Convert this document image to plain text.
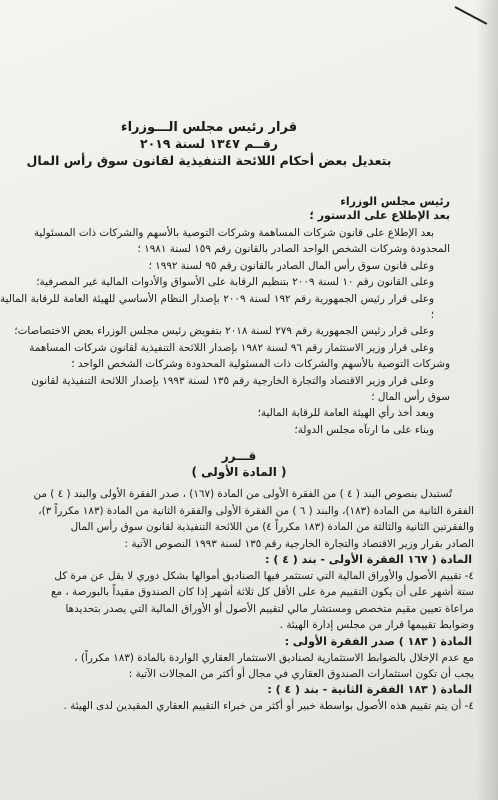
قرار رئيس مجلس الـــوزراء
رقــم ١٣٤٧ لسنة ٢٠١٩
بتعديل بعض أحكام اللائحة التنفيذية لقانون سوق رأس المال

رئيس مجلس الوزراء

بعد الإطلاع على الدستور ؛

بعد الإطلاع على قانون شركات المساهمة وشركات التوصية بالأسهم والشركات ذات المسئولية

المحدودة وشركات الشخص الواحد الصادر بالقانون رقم ١٥٩ لسنة ١٩٨١ ؛

وعلى قانون سوق رأس المال الصادر بالقانون رقم ٩٥ لسنة ١٩٩٢ ؛

وعلى القانون رقم ١٠ لسنة ٢٠٠٩ بتنظيم الرقابة على الأسواق والأدوات المالية غير المصرفية؛

وعلى قرار رئيس الجمهورية رقم ١٩٢ لسنة ٢٠٠٩ بإصدار النظام الأساسي للهيئة العامة للرقابة المالية ؛

وعلى قرار رئيس الجمهورية رقم ٢٧٩ لسنة ٢٠١٨ بتفويض رئيس مجلس الوزراء بعض الاختصاصات؛

وعلى قرار وزير الاستثمار رقم ٩٦ لسنة ١٩٨٢ بإصدار اللائحة التنفيذية لقانون شركات المساهمة

وشركات التوصية بالأسهم والشركات ذات المسئولية المحدودة وشركات الشخص الواحد ؛

وعلى قرار وزير الاقتصاد والتجارة الخارجية رقم ١٣٥ لسنة ١٩٩٣ بإصدار اللائحة التنفيذية لقانون

سوق رأس المال ؛

وبعد أخذ رأي الهيئة العامة للرقابة المالية؛

وبناء على ما ارتآه مجلس الدولة؛

قـــرر

( المادة الأولى )

تُستبدل بنصوص البند ( ٤ ) من الفقرة الأولى من المادة (١٦٧) ، صدر الفقرة الأولى والبند ( ٤ ) من

الفقرة الثانية من المادة (١٨٣)، والبند ( ٦ ) من الفقرة الأولى والفقرة الثانية من المادة (١٨٣ مكرراً ٣)،

والفقرتين الثانية والثالثة من المادة (١٨٣ مكرراً ٤) من اللائحة التنفيذية لقانون سوق رأس المال

الصادر بقرار وزير الاقتصاد والتجارة الخارجية رقم ١٣٥ لسنة ١٩٩٣ النصوص الآتية :

المادة ( ١٦٧ الفقرة الأولى - بند ( ٤ ) :

٤- تقييم الأصول والأوراق المالية التي تستثمر فيها الصناديق أموالها بشكل دوري لا يقل عن مرة كل

ستة أشهر على أن يكون التقييم مرة على الأقل كل ثلاثة أشهر إذا كان الصندوق مقيداً بالبورصة ، مع

مراعاة تعيين مقيم متخصص ومستشار مالي لتقييم الأصول أو الأوراق المالية التي يصدر بتحديدها

وضوابط تقييمها قرار من مجلس إدارة الهيئة .

المادة ( ١٨٣ ) صدر الفقرة الأولى :

مع عدم الإخلال بالضوابط الاستثمارية لصناديق الاستثمار العقاري الواردة بالمادة (١٨٣ مكرراً) ،

يجب أن تكون استثمارات الصندوق العقاري في مجال أو أكثر من المجالات الآتية :

المادة ( ١٨٣ الفقرة الثانية - بند ( ٤ ) :

٤- أن يتم تقييم هذه الأصول بواسطة خبير أو أكثر من خبراء التقييم العقاري المقيدين لدى الهيئة .
